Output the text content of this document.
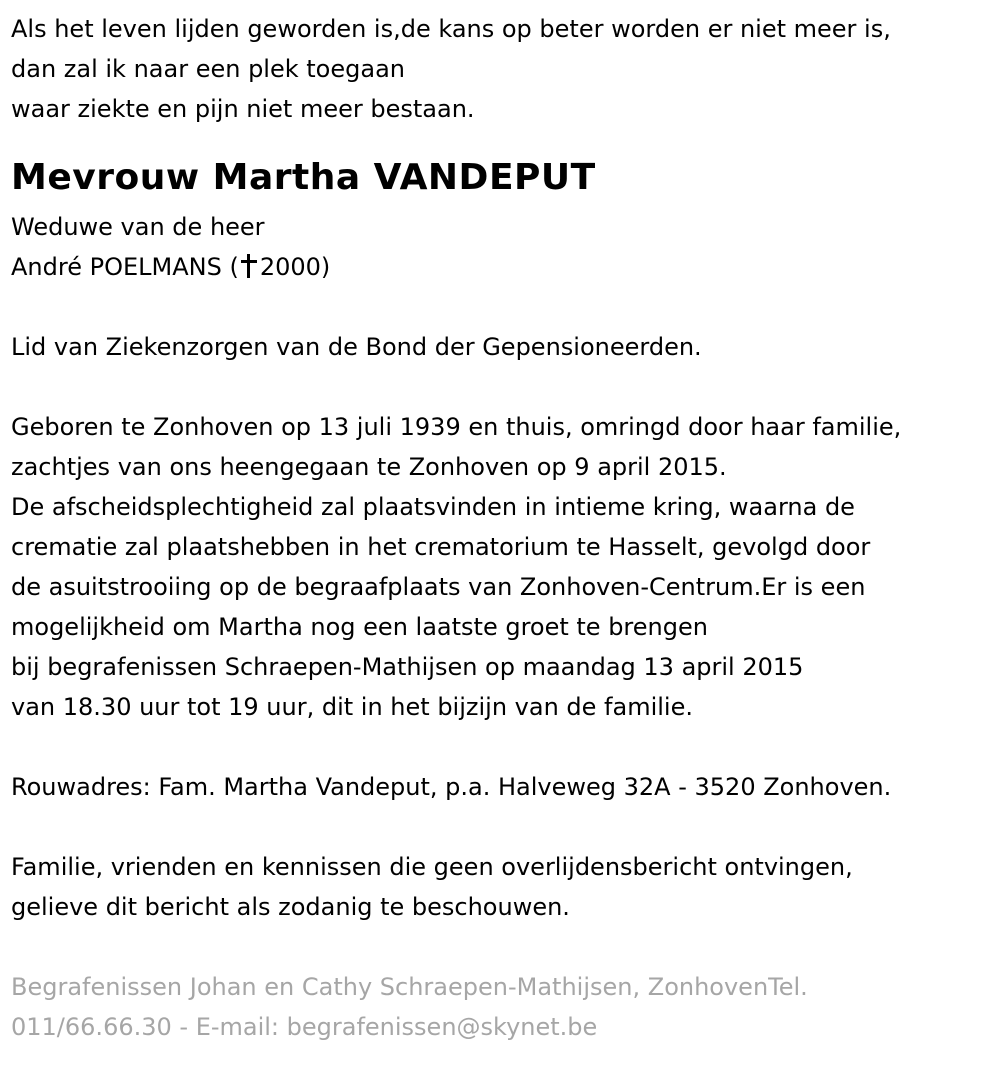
Als het leven lijden geworden is,de kans op beter worden er niet meer is,
dan zal ik naar een plek toegaan
waar ziekte en pijn niet meer bestaan.
Mevrouw Martha VANDEPUT
Weduwe van de heer
André POELMANS ( 2000)
Lid van Ziekenzorgen van de Bond der Gepensioneerden.
Geboren te Zonhoven op 13 juli 1939 en thuis, omringd door haar familie,
zachtjes van ons heengegaan te Zonhoven op 9 april 2015.
De afscheidsplechtigheid zal plaatsvinden in intieme kring, waarna de
crematie zal plaatshebben in het crematorium te Hasselt, gevolgd door
de asuitstrooiing op de begraafplaats van Zonhoven-Centrum.Er is een
mogelijkheid om Martha nog een laatste groet te brengen
bij begrafenissen Schraepen-Mathijsen op maandag 13 april 2015
van 18.30 uur tot 19 uur, dit in het bijzijn van de familie.
Rouwadres: Fam. Martha Vandeput, p.a. Halveweg 32A - 3520 Zonhoven.
Familie, vrienden en kennissen die geen overlijdensbericht ontvingen,
gelieve dit bericht als zodanig te beschouwen.
Begrafenissen Johan en Cathy Schraepen-Mathijsen, ZonhovenTel.
011/66.66.30 - E-mail: begrafenissen@skynet.be
